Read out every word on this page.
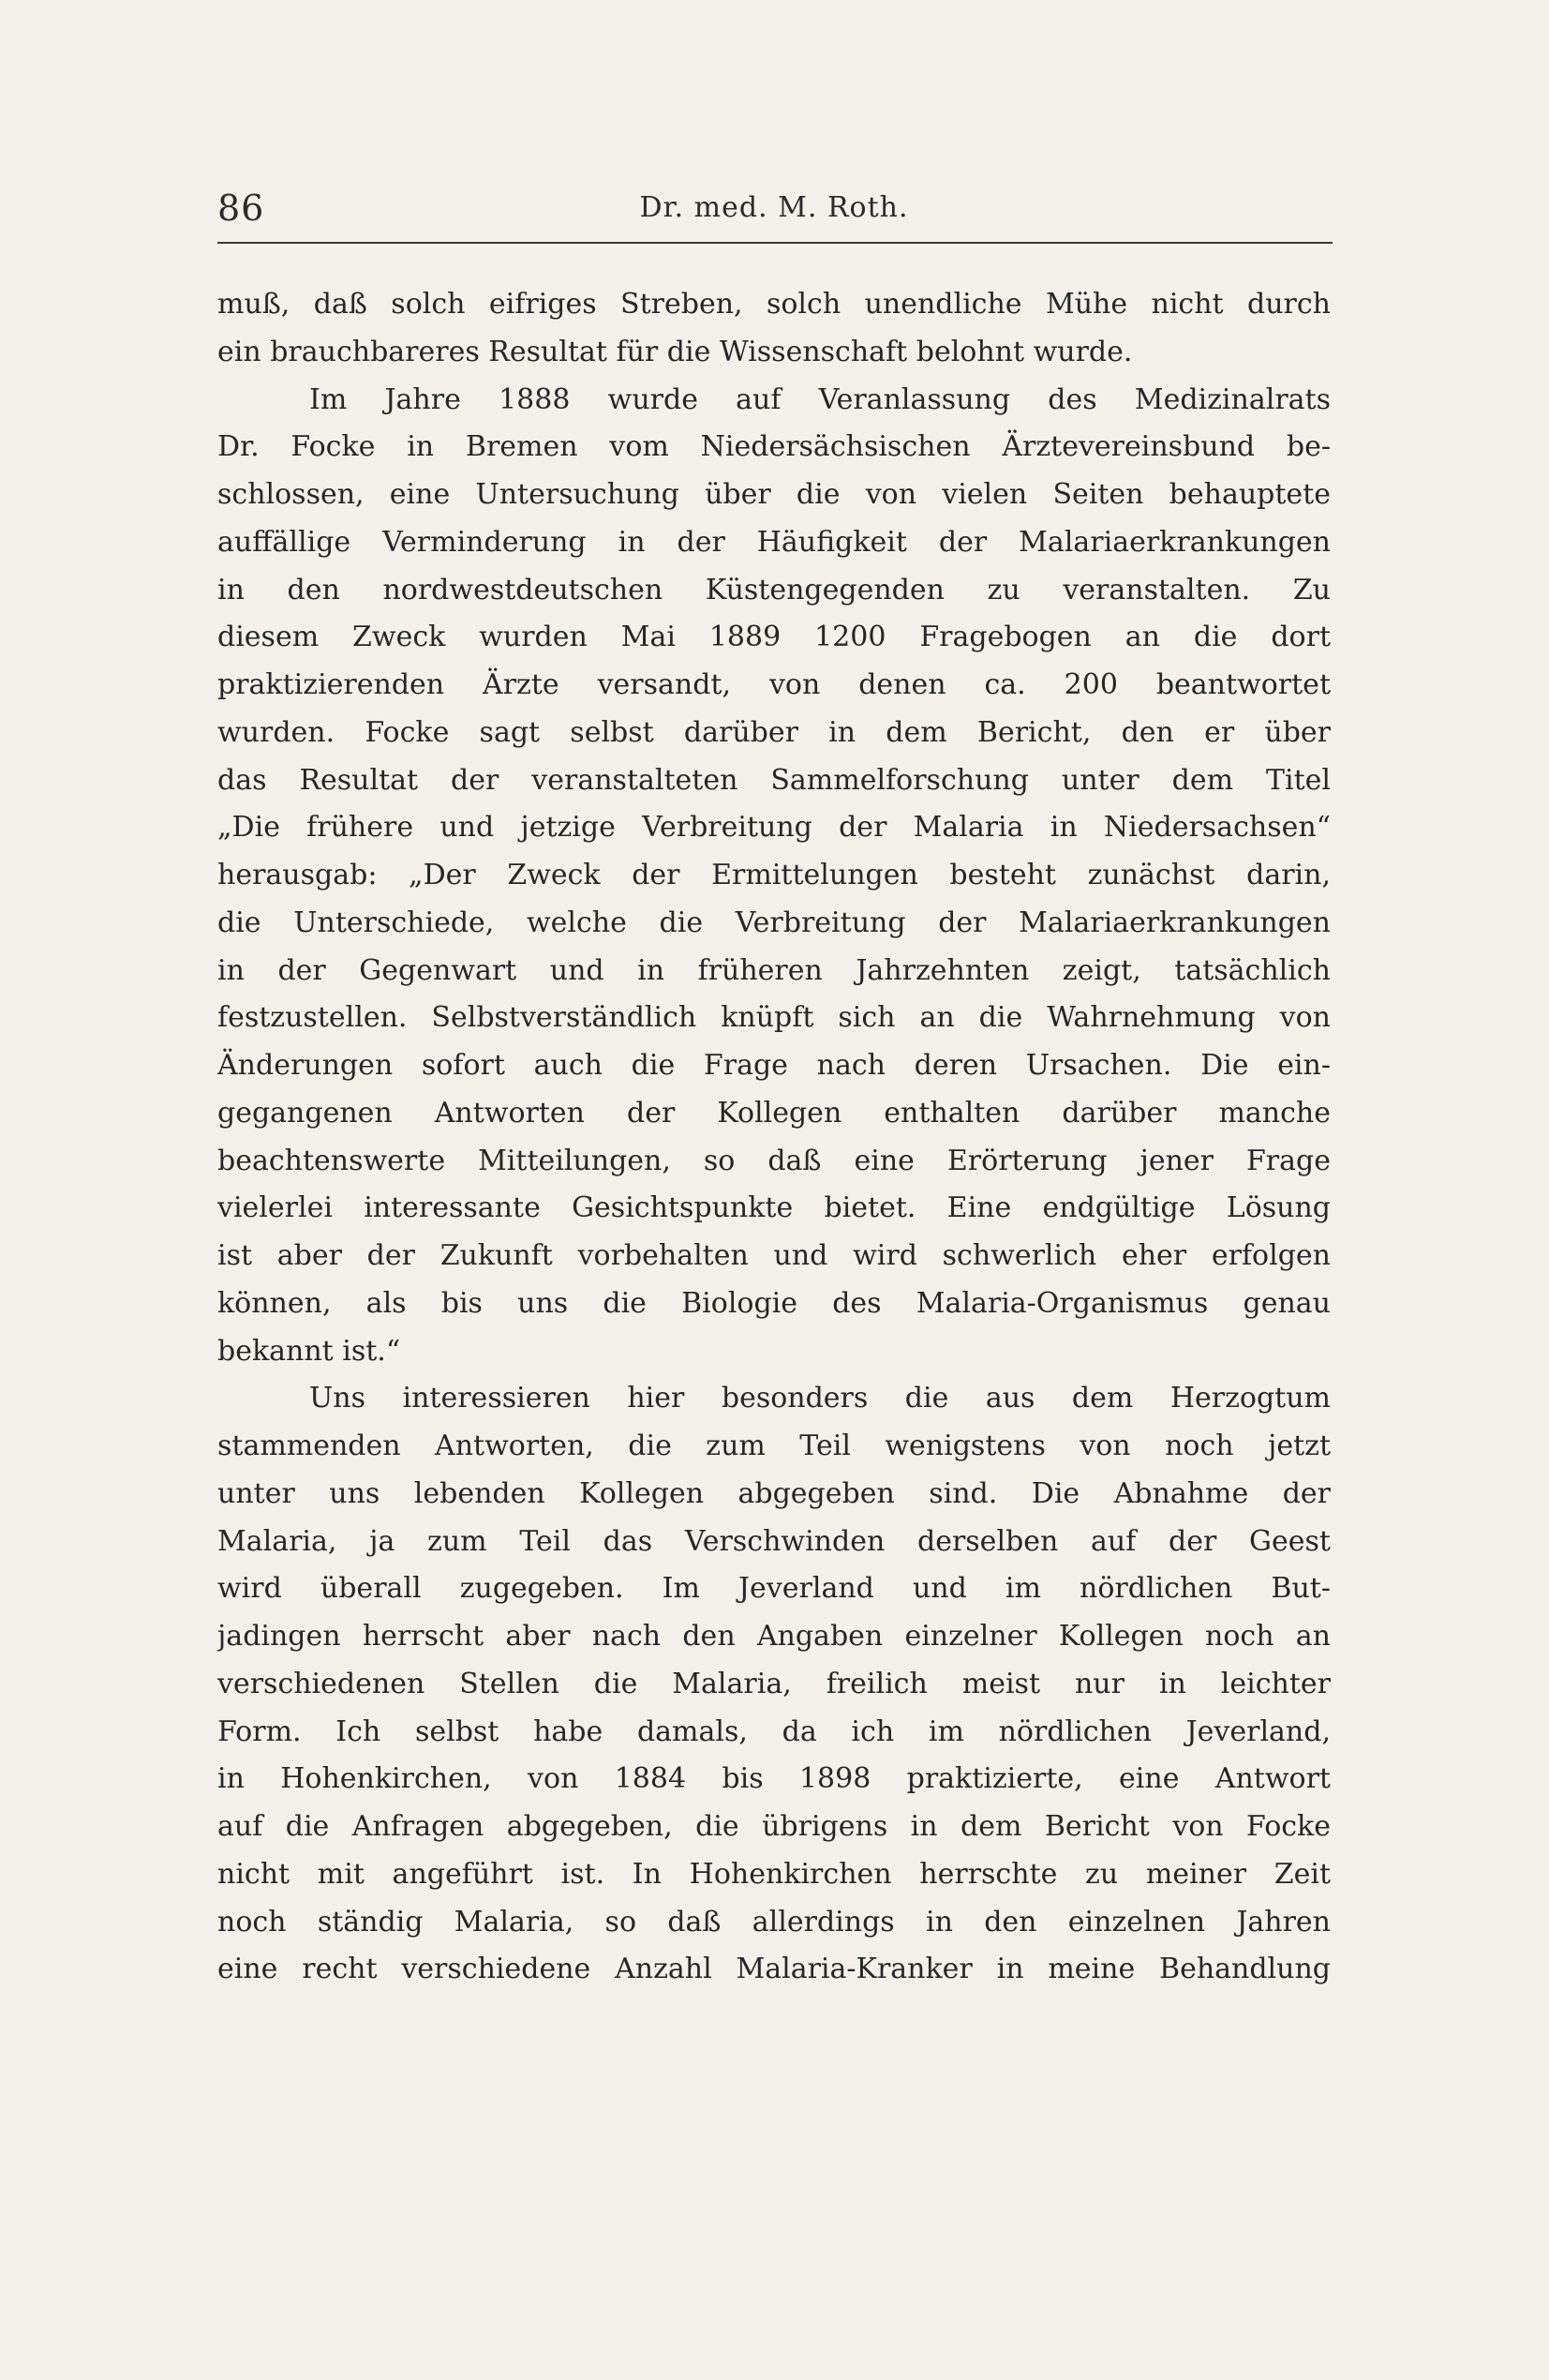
86	Dr. med. M. Roth.
muß, daß solch eifriges Streben, solch unendliche Mühe nicht durch
ein brauchbareres Resultat für die Wissenschaft belohnt wurde.
Im Jahre 1888 wurde auf Veranlassung des Medizinalrats
Dr. Focke in Bremen vom Niedersächsischen Ärztevereinsbund be-
schlossen, eine Untersuchung über die von vielen Seiten behauptete
auffällige Verminderung in der Häufigkeit der Malariaerkrankungen
in den nordwestdeutschen Küstengegenden zu veranstalten. Zu
diesem Zweck wurden Mai 1889 1200 Fragebogen an die dort
praktizierenden Ärzte versandt, von denen ca. 200 beantwortet
wurden. Focke sagt selbst darüber in dem Bericht, den er über
das Resultat der veranstalteten Sammelforschung unter dem Titel
„Die frühere und jetzige Verbreitung der Malaria in Niedersachsen“
herausgab: „Der Zweck der Ermittelungen besteht zunächst darin,
die Unterschiede, welche die Verbreitung der Malariaerkrankungen
in der Gegenwart und in früheren Jahrzehnten zeigt, tatsächlich
festzustellen. Selbstverständlich knüpft sich an die Wahrnehmung von
Änderungen sofort auch die Frage nach deren Ursachen. Die ein-
gegangenen Antworten der Kollegen enthalten darüber manche
beachtenswerte Mitteilungen, so daß eine Erörterung jener Frage
vielerlei interessante Gesichtspunkte bietet. Eine endgültige Lösung
ist aber der Zukunft vorbehalten und wird schwerlich eher erfolgen
können, als bis uns die Biologie des Malaria-Organismus genau
bekannt ist.“
Uns interessieren hier besonders die aus dem Herzogtum
stammenden Antworten, die zum Teil wenigstens von noch jetzt
unter uns lebenden Kollegen abgegeben sind. Die Abnahme der
Malaria, ja zum Teil das Verschwinden derselben auf der Geest
wird überall zugegeben. Im Jeverland und im nördlichen But-
jadingen herrscht aber nach den Angaben einzelner Kollegen noch an
verschiedenen Stellen die Malaria, freilich meist nur in leichter
Form. Ich selbst habe damals, da ich im nördlichen Jeverland,
in Hohenkirchen, von 1884 bis 1898 praktizierte, eine Antwort
auf die Anfragen abgegeben, die übrigens in dem Bericht von Focke
nicht mit angeführt ist. In Hohenkirchen herrschte zu meiner Zeit
noch ständig Malaria, so daß allerdings in den einzelnen Jahren
eine recht verschiedene Anzahl Malaria-Kranker in meine Behandlung
